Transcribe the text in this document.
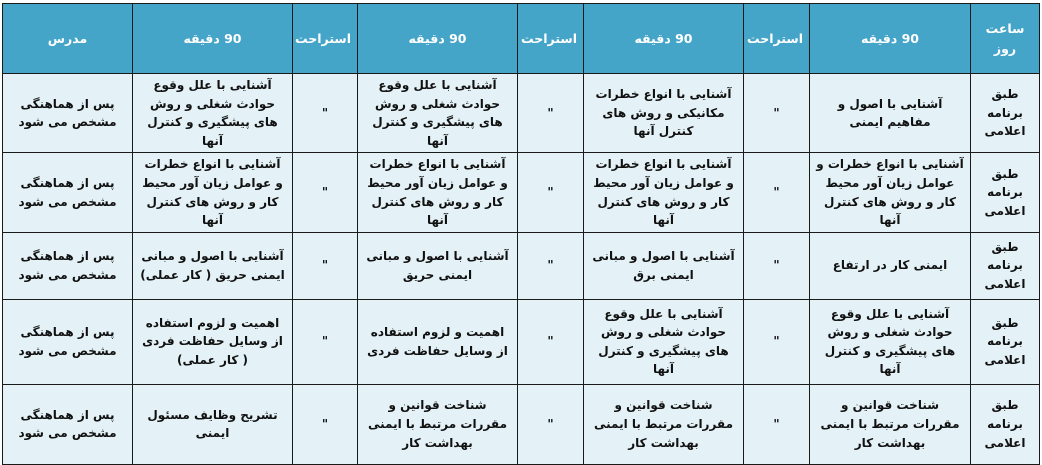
ساعت روز	90 دقیقه	استراحت	90 دقیقه	استراحت	90 دقیقه	استراحت	90 دقیقه	مدرس
طبق برنامه اعلامی	آشنایی با اصول و مفاهیم ایمنی	"	آشنایی با انواع خطرات مکانیکی و روش های کنترل آنها	"	آشنایی با علل وقوع حوادث شغلی و روش های پیشگیری و کنترل آنها	"	آشنایی با علل وقوع حوادث شغلی و روش های پیشگیری و کنترل آنها	پس از هماهنگی مشخص می شود
طبق برنامه اعلامی	آشنایی با انواع خطرات و عوامل زیان آور محیط کار و روش های کنترل آنها	"	آشنایی با انواع خطرات و عوامل زیان آور محیط کار و روش های کنترل آنها	"	آشنایی با انواع خطرات و عوامل زیان آور محیط کار و روش های کنترل آنها	"	آشنایی با انواع خطرات و عوامل زیان آور محیط کار و روش های کنترل آنها	پس از هماهنگی مشخص می شود
طبق برنامه اعلامی	ایمنی کار در ارتفاع	"	آشنایی با اصول و مبانی ایمنی برق	"	آشنایی با اصول و مبانی ایمنی حریق	"	آشنایی با اصول و مبانی ایمنی حریق ( کار عملی)	پس از هماهنگی مشخص می شود
طبق برنامه اعلامی	آشنایی با علل وقوع حوادث شغلی و روش های پیشگیری و کنترل آنها	"	آشنایی با علل وقوع حوادث شغلی و روش های پیشگیری و کنترل آنها	"	اهمیت و لزوم استفاده از وسایل حفاظت فردی	"	اهمیت و لزوم استفاده از وسایل حفاظت فردی ( کار عملی)	پس از هماهنگی مشخص می شود
طبق برنامه اعلامی	شناخت قوانین و مقررات مرتبط با ایمنی بهداشت کار	"	شناخت قوانین و مقررات مرتبط با ایمنی بهداشت کار	"	شناخت قوانین و مقررات مرتبط با ایمنی بهداشت کار	"	تشریح وظایف مسئول ایمنی	پس از هماهنگی مشخص می شود
